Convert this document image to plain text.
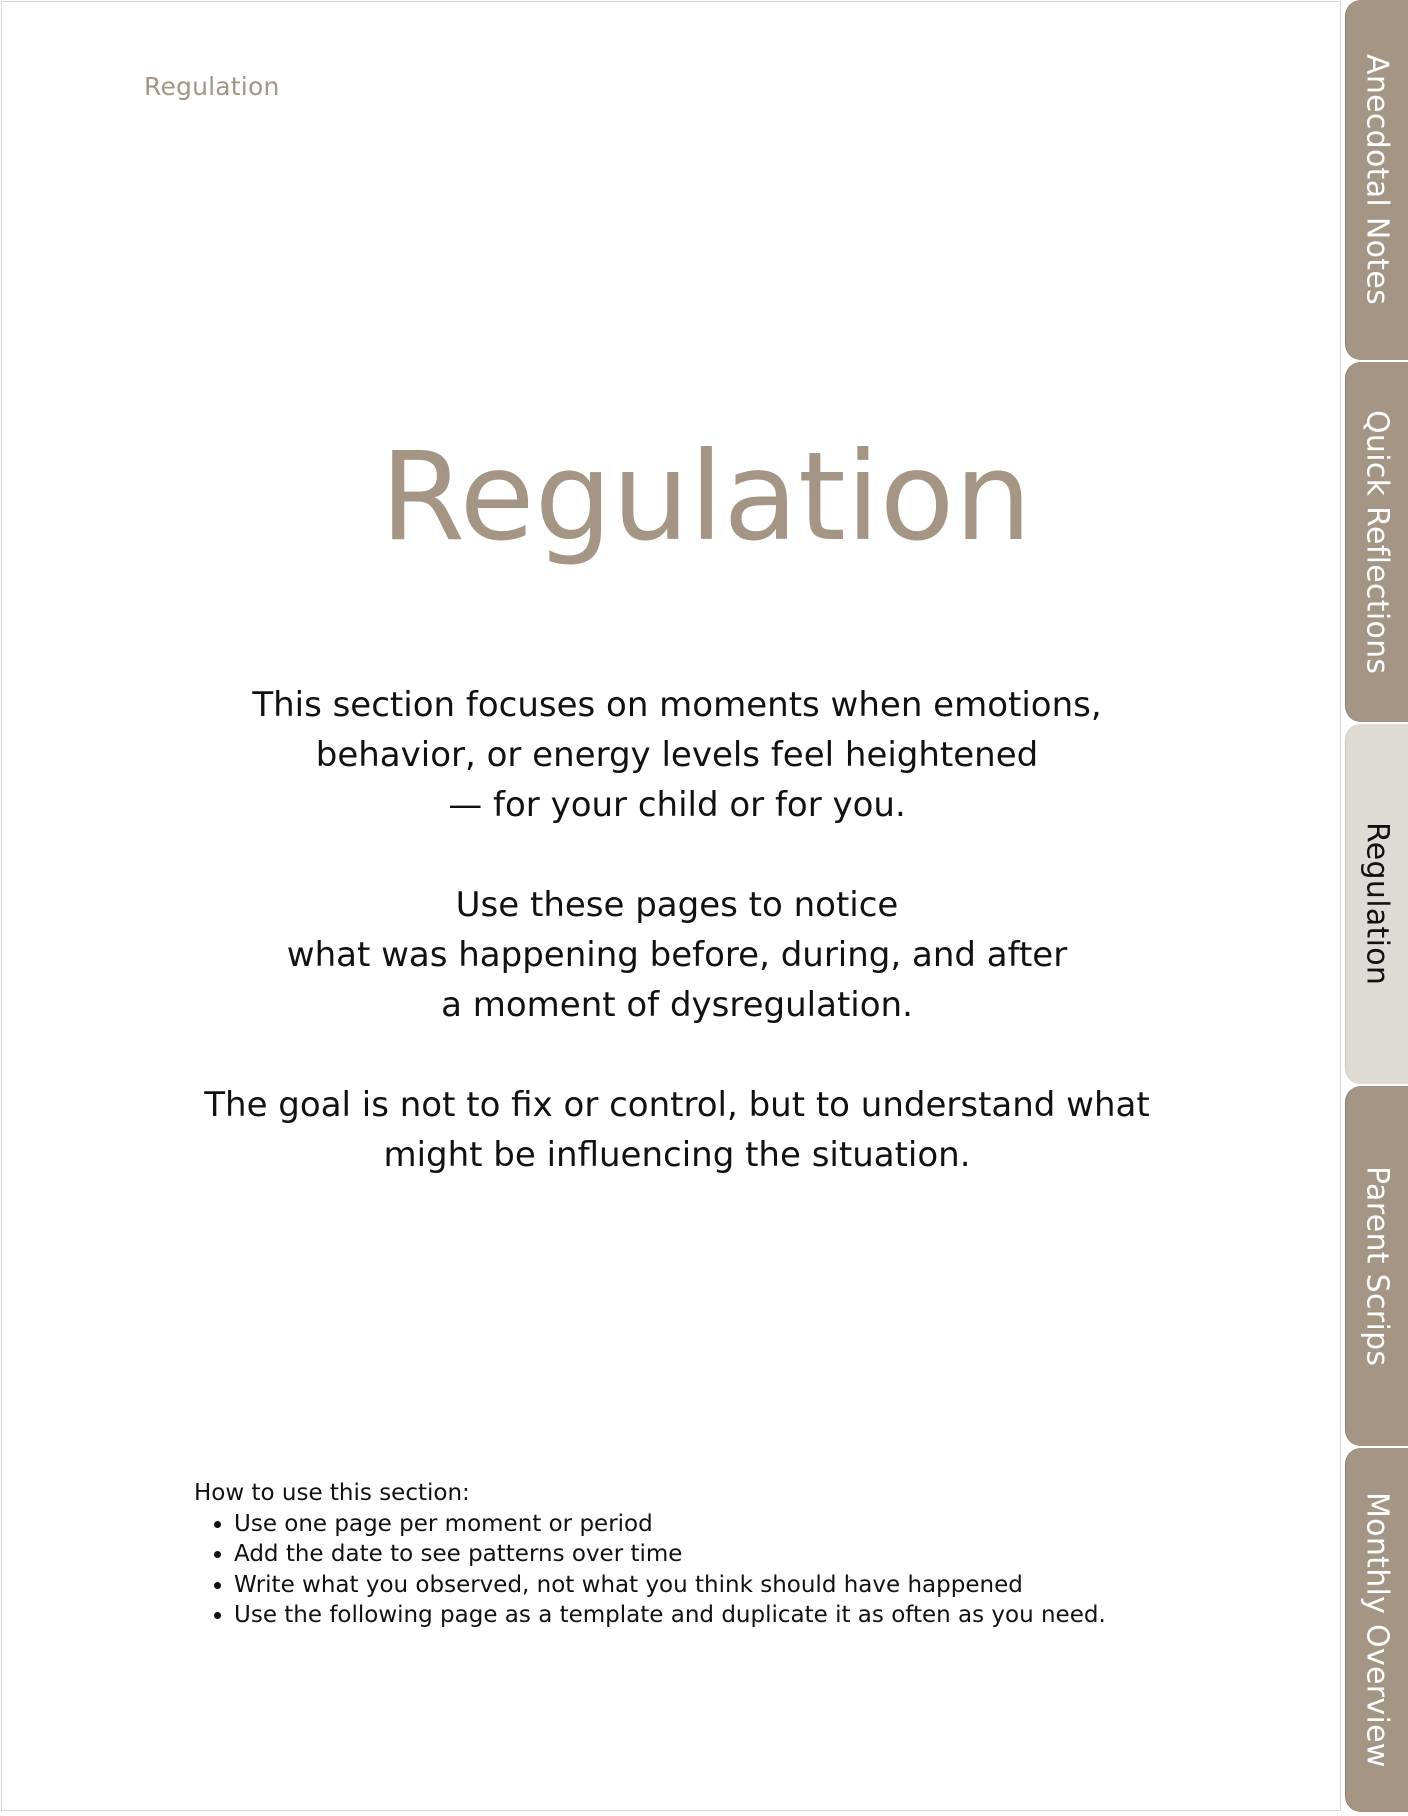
Regulation
Regulation

This section focuses on moments when emotions,
behavior, or energy levels feel heightened
— for your child or for you.

Use these pages to notice
what was happening before, during, and after
a moment of dysregulation.

The goal is not to fix or control, but to understand what
might be influencing the situation.

How to use this section:
• Use one page per moment or period
• Add the date to see patterns over time
• Write what you observed, not what you think should have happened
• Use the following page as a template and duplicate it as often as you need.
Anecdotal Notes
Quick Reflections
Regulation
Parent Scrips
Monthly Overview
